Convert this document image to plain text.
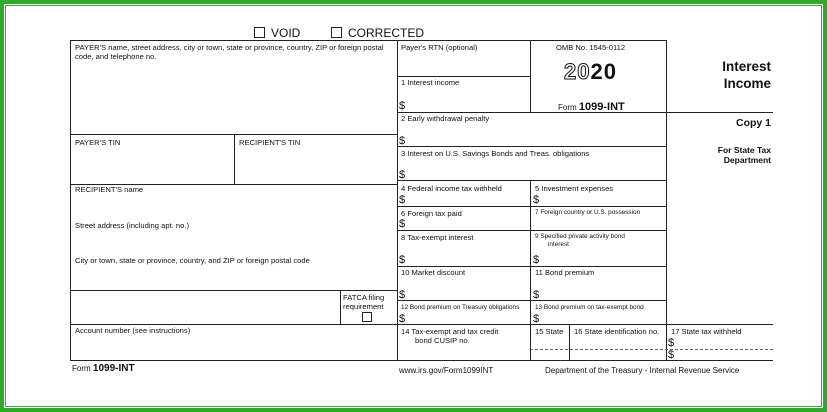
VOID	CORRECTED
PAYER'S name, street address, city or town, state or province, country, ZIP or foreign postal code, and telephone no.
PAYER'S TIN	RECIPIENT'S TIN
RECIPIENT'S name
Street address (including apt. no.)
City or town, state or province, country, and ZIP or foreign postal code
FATCA filing
requirement
Account number (see instructions)
Payer's RTN (optional)
1 Interest income
$
2 Early withdrawal penalty
$
3 Interest on U.S. Savings Bonds and Treas. obligations
$
4 Federal income tax withheld
$
5 Investment expenses
$
6 Foreign tax paid
$
7 Foreign country or U.S. possession
8 Tax-exempt interest
$
9 Specified private activity bond
interest
$
10 Market discount
$
11 Bond premium
$
12 Bond premium on Treasury obligations
$
13 Bond premium on tax-exempt bond
$
14 Tax-exempt and tax credit
bond CUSIP no.
15 State 16 State identification no. 17 State tax withheld
$
$
OMB No. 1545-0112
2020
Form 1099-INT
Interest
Income
Copy 1
For State Tax
Department
Form 1099-INT	www.irs.gov/Form1099INT	Department of the Treasury - Internal Revenue Service
